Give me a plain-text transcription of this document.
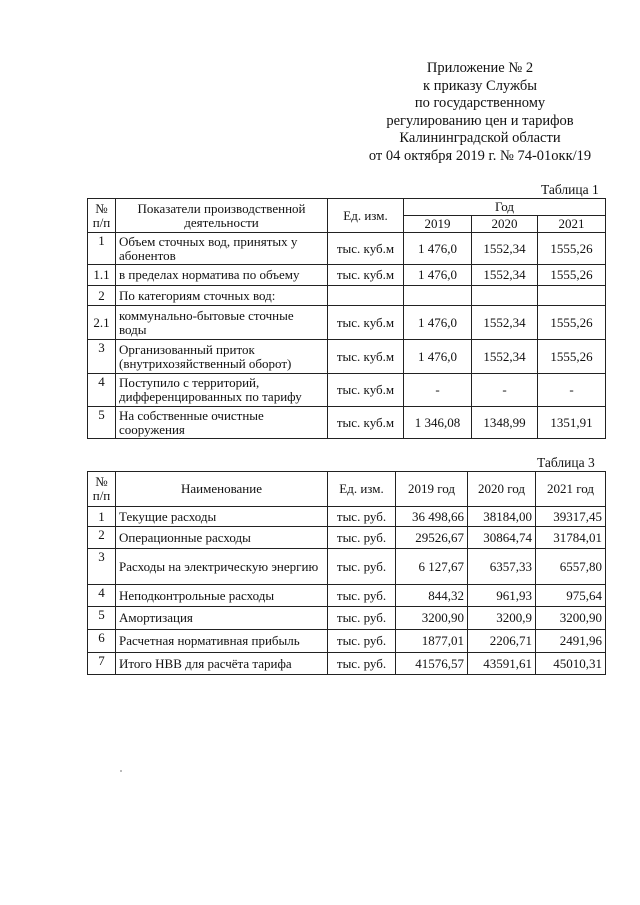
Приложение № 2
к приказу Службы
по государственному
регулированию цен и тарифов
Калининградской области
от 04 октября 2019 г. № 74-01окк/19
Таблица 1
№ п/п	Показатели производственной деятельности	Ед. изм.	Год		
			2019	2020	2021
1	Объем сточных вод, принятых у абонентов	тыс. куб.м	1 476,0	1552,34	1555,26
1.1	в пределах норматива по объему	тыс. куб.м	1 476,0	1552,34	1555,26
2	По категориям сточных вод:				
2.1	коммунально-бытовые сточные воды	тыс. куб.м	1 476,0	1552,34	1555,26
3	Организованный приток (внутрихозяйственный оборот)	тыс. куб.м	1 476,0	1552,34	1555,26
4	Поступило с территорий, дифференцированных по тарифу	тыс. куб.м	-	-	-
5	На собственные очистные сооружения	тыс. куб.м	1 346,08	1348,99	1351,91
Таблица 3
№ п/п	Наименование	Ед. изм.	2019 год	2020 год	2021 год
1	Текущие расходы	тыс. руб.	36 498,66	38184,00	39317,45
2	Операционные расходы	тыс. руб.	29526,67	30864,74	31784,01
3	Расходы на электрическую энергию	тыс. руб.	6 127,67	6357,33	6557,80
4	Неподконтрольные расходы	тыс. руб.	844,32	961,93	975,64
5	Амортизация	тыс. руб.	3200,90	3200,9	3200,90
6	Расчетная нормативная прибыль	тыс. руб.	1877,01	2206,71	2491,96
7	Итого НВВ для расчёта тарифа	тыс. руб.	41576,57	43591,61	45010,31
